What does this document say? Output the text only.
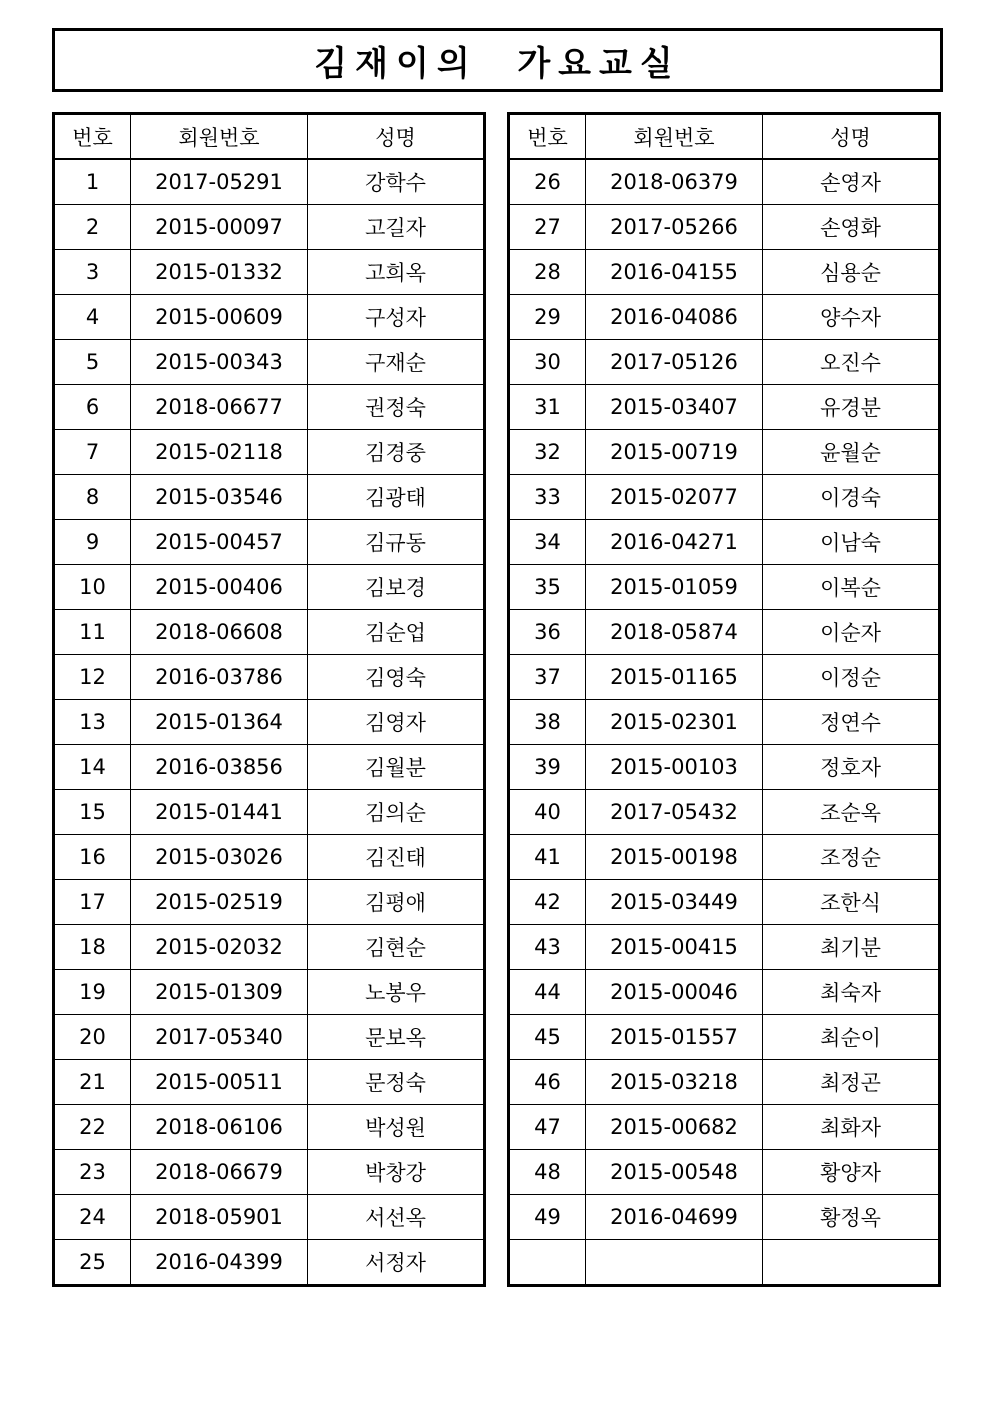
김재이의  가요교실
번호	회원번호	성명
1	2017-05291	강학수
2	2015-00097	고길자
3	2015-01332	고희옥
4	2015-00609	구성자
5	2015-00343	구재순
6	2018-06677	권정숙
7	2015-02118	김경중
8	2015-03546	김광태
9	2015-00457	김규동
10	2015-00406	김보경
11	2018-06608	김순업
12	2016-03786	김영숙
13	2015-01364	김영자
14	2016-03856	김월분
15	2015-01441	김의순
16	2015-03026	김진태
17	2015-02519	김평애
18	2015-02032	김현순
19	2015-01309	노봉우
20	2017-05340	문보옥
21	2015-00511	문정숙
22	2018-06106	박성원
23	2018-06679	박창강
24	2018-05901	서선옥
25	2016-04399	서정자
번호	회원번호	성명
26	2018-06379	손영자
27	2017-05266	손영화
28	2016-04155	심용순
29	2016-04086	양수자
30	2017-05126	오진수
31	2015-03407	유경분
32	2015-00719	윤월순
33	2015-02077	이경숙
34	2016-04271	이남숙
35	2015-01059	이복순
36	2018-05874	이순자
37	2015-01165	이정순
38	2015-02301	정연수
39	2015-00103	정호자
40	2017-05432	조순옥
41	2015-00198	조정순
42	2015-03449	조한식
43	2015-00415	최기분
44	2015-00046	최숙자
45	2015-01557	최순이
46	2015-03218	최정곤
47	2015-00682	최화자
48	2015-00548	황양자
49	2016-04699	황정옥
